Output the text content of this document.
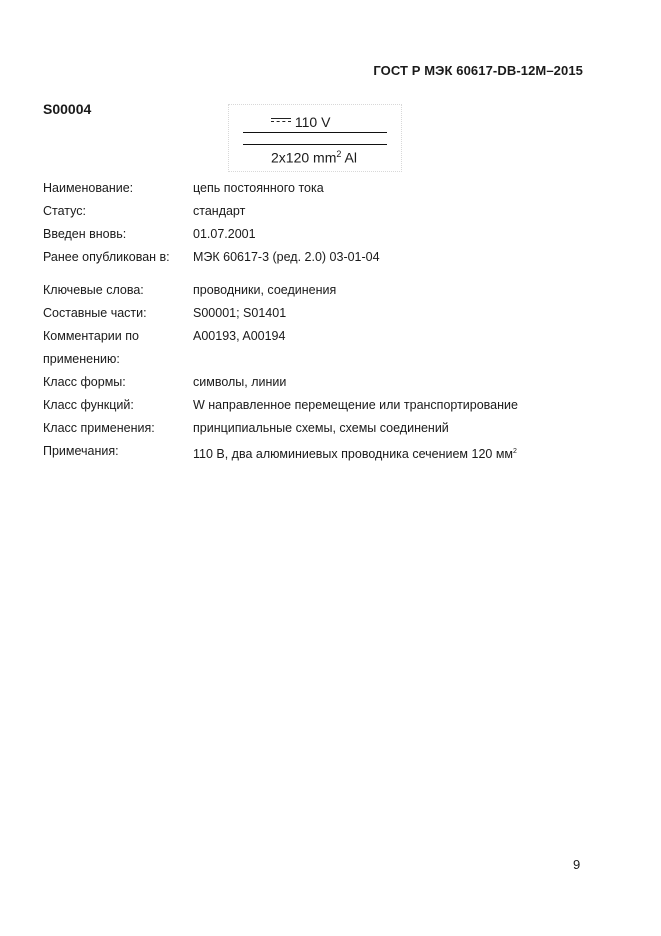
ГОСТ Р МЭК 60617-DB-12M–2015
S00004
110 V
2x120 $mm^2$ Al
Наименование:	цепь постоянного тока
Статус:	стандарт
Введен вновь:	01.07.2001
Ранее опубликован в:	МЭК 60617-3 (ред. 2.0) 03-01-04
Ключевые слова:	проводники, соединения
Составные части:	S00001; S01401
Комментарии по	A00193, A00194
применению:
Класс формы:	символы, линии
Класс функций:	W направленное перемещение или транспортирование
Класс применения:	принципиальные схемы, схемы соединений
Примечания:	110 В, два алюминиевых проводника сечением 120 $мм^2$
9
